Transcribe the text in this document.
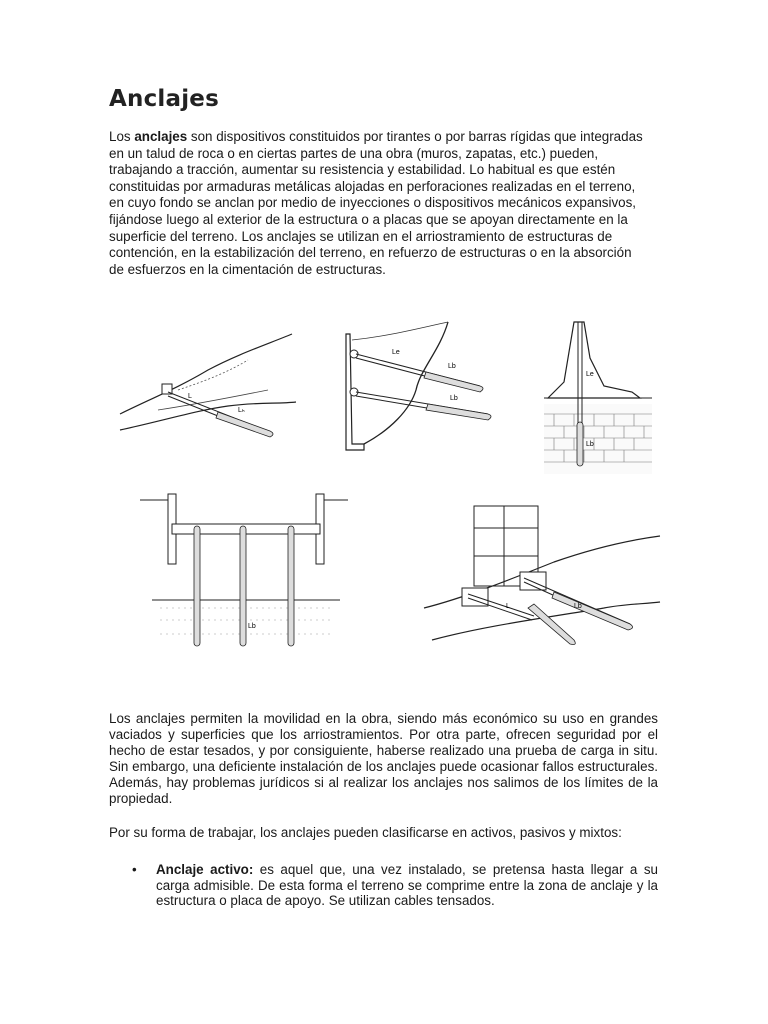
Anclajes

Los anclajes son dispositivos constituidos por tirantes o por barras rígidas que integradas en un talud de roca o en ciertas partes de una obra (muros, zapatas, etc.) pueden, trabajando a tracción, aumentar su resistencia y estabilidad. Lo habitual es que estén constituidas por armaduras metálicas alojadas en perforaciones realizadas en el terreno, en cuyo fondo se anclan por medio de inyecciones o dispositivos mecánicos expansivos, fijándose luego al exterior de la estructura o a placas que se apoyan directamente en la superficie del terreno. Los anclajes se utilizan en el arriostramiento de estructuras de contención, en la estabilización del terreno, en refuerzo de estructuras o en la absorción de esfuerzos en la cimentación de estructuras.

L
Lₕ
Le
Lb
Lb
Le
Lb
Lb
L	Lb

Los anclajes permiten la movilidad en la obra, siendo más económico su uso en grandes vaciados y superficies que los arriostramientos. Por otra parte, ofrecen seguridad por el hecho de estar tesados, y por consiguiente, haberse realizado una prueba de carga in situ. Sin embargo, una deficiente instalación de los anclajes puede ocasionar fallos estructurales. Además, hay problemas jurídicos si al realizar los anclajes nos salimos de los límites de la propiedad.

Por su forma de trabajar, los anclajes pueden clasificarse en activos, pasivos y mixtos:

• Anclaje activo: es aquel que, una vez instalado, se pretensa hasta llegar a su carga admisible. De esta forma el terreno se comprime entre la zona de anclaje y la estructura o placa de apoyo. Se utilizan cables tensados.
